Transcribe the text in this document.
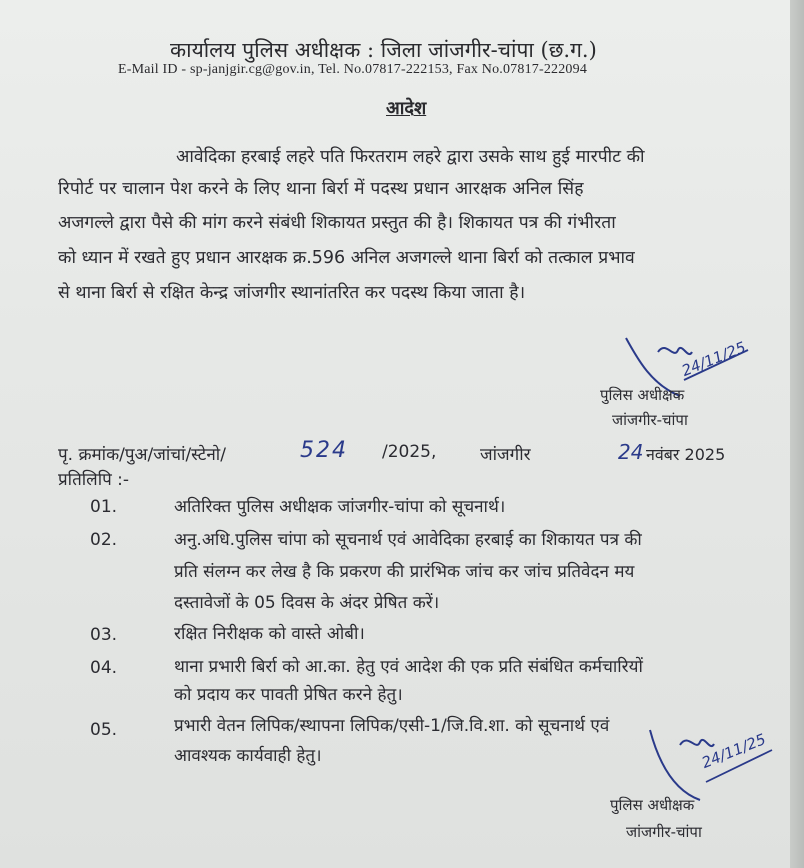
कार्यालय पुलिस अधीक्षक : जिला जांजगीर-चांपा (छ.ग.)
E-Mail ID - sp-janjgir.cg@gov.in, Tel. No.07817-222153, Fax No.07817-222094
आदेश
आवेदिका हरबाई लहरे पति फिरतराम लहरे द्वारा उसके साथ हुई मारपीट की
रिपोर्ट पर चालान पेश करने के लिए थाना बिर्रा में पदस्थ प्रधान आरक्षक अनिल सिंह
अजगल्ले द्वारा पैसे की मांग करने संबंधी शिकायत प्रस्तुत की है। शिकायत पत्र की गंभीरता
को ध्यान में रखते हुए प्रधान आरक्षक क्र.596 अनिल अजगल्ले थाना बिर्रा को तत्काल प्रभाव
से थाना बिर्रा से रक्षित केन्द्र जांजगीर स्थानांतरित कर पदस्थ किया जाता है।
24/11/25
पुलिस अधीक्षक
जांजगीर-चांपा
पृ. क्रमांक/पुअ/जांचां/स्टेनो/	524 /2025,	जांजगीर	24 नवंबर 2025
प्रतिलिपि :-
01.	अतिरिक्त पुलिस अधीक्षक जांजगीर-चांपा को सूचनार्थ।
02.	अनु.अधि.पुलिस चांपा को सूचनार्थ एवं आवेदिका हरबाई का शिकायत पत्र की
प्रति संलग्न कर लेख है कि प्रकरण की प्रारंभिक जांच कर जांच प्रतिवेदन मय
दस्तावेजों के 05 दिवस के अंदर प्रेषित करें।
03.	रक्षित निरीक्षक को वास्ते ओबी।
04.	थाना प्रभारी बिर्रा को आ.का. हेतु एवं आदेश की एक प्रति संबंधित कर्मचारियों
को प्रदाय कर पावती प्रेषित करने हेतु।
05.	प्रभारी वेतन लिपिक/स्थापना लिपिक/एसी-1/जि.वि.शा. को सूचनार्थ एवं
आवश्यक कार्यवाही हेतु।	24/11/25
पुलिस अधीक्षक
जांजगीर-चांपा
